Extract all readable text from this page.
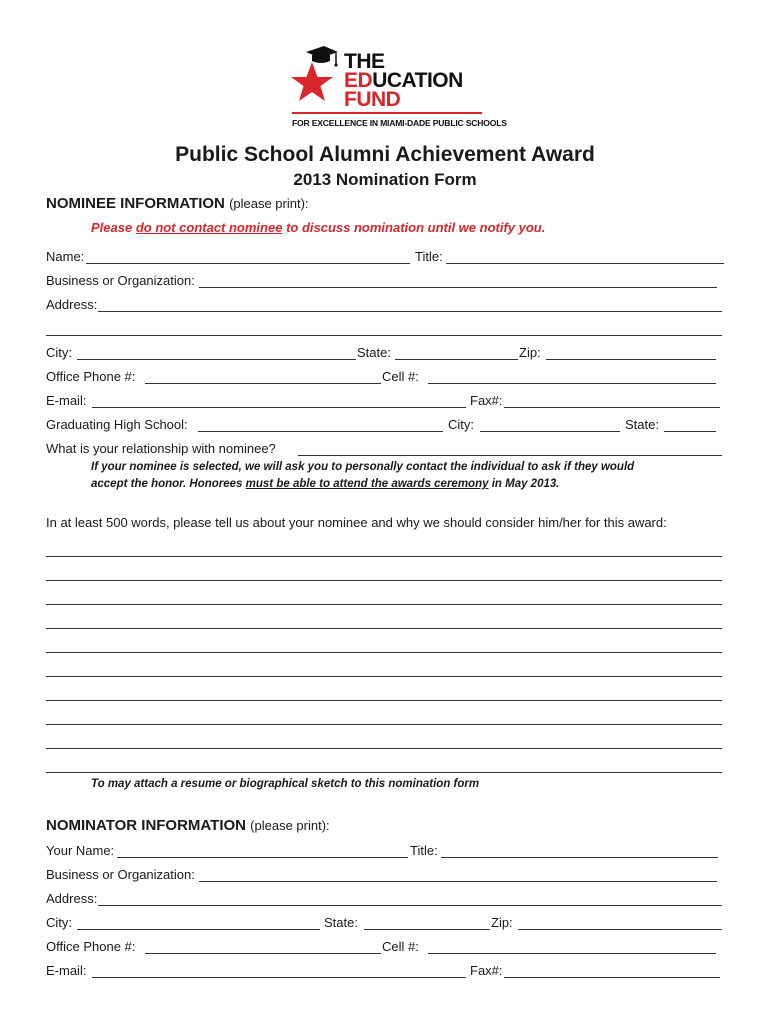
THE
EDUCATION
FUND
FOR EXCELLENCE IN MIAMI-DADE PUBLIC SCHOOLS
Public School Alumni Achievement Award
2013 Nomination Form
NOMINEE INFORMATION (please print):
Please do not contact nominee to discuss nomination until we notify you.
Name:	Title:
Business or Organization:
Address:
City:	State:	Zip:
Office Phone #:	Cell #:
E-mail:	Fax#:
Graduating High School:	City:	State:
What is your relationship with nominee?
If your nominee is selected, we will ask you to personally contact the individual to ask if they would
accept the honor. Honorees must be able to attend the awards ceremony in May 2013.
In at least 500 words, please tell us about your nominee and why we should consider him/her for this award:
To may attach a resume or biographical sketch to this nomination form
NOMINATOR INFORMATION (please print):
Your Name:	Title:
Business or Organization:
Address:
City:	State:	Zip:
Office Phone #:	Cell #:
E-mail:	Fax#:
